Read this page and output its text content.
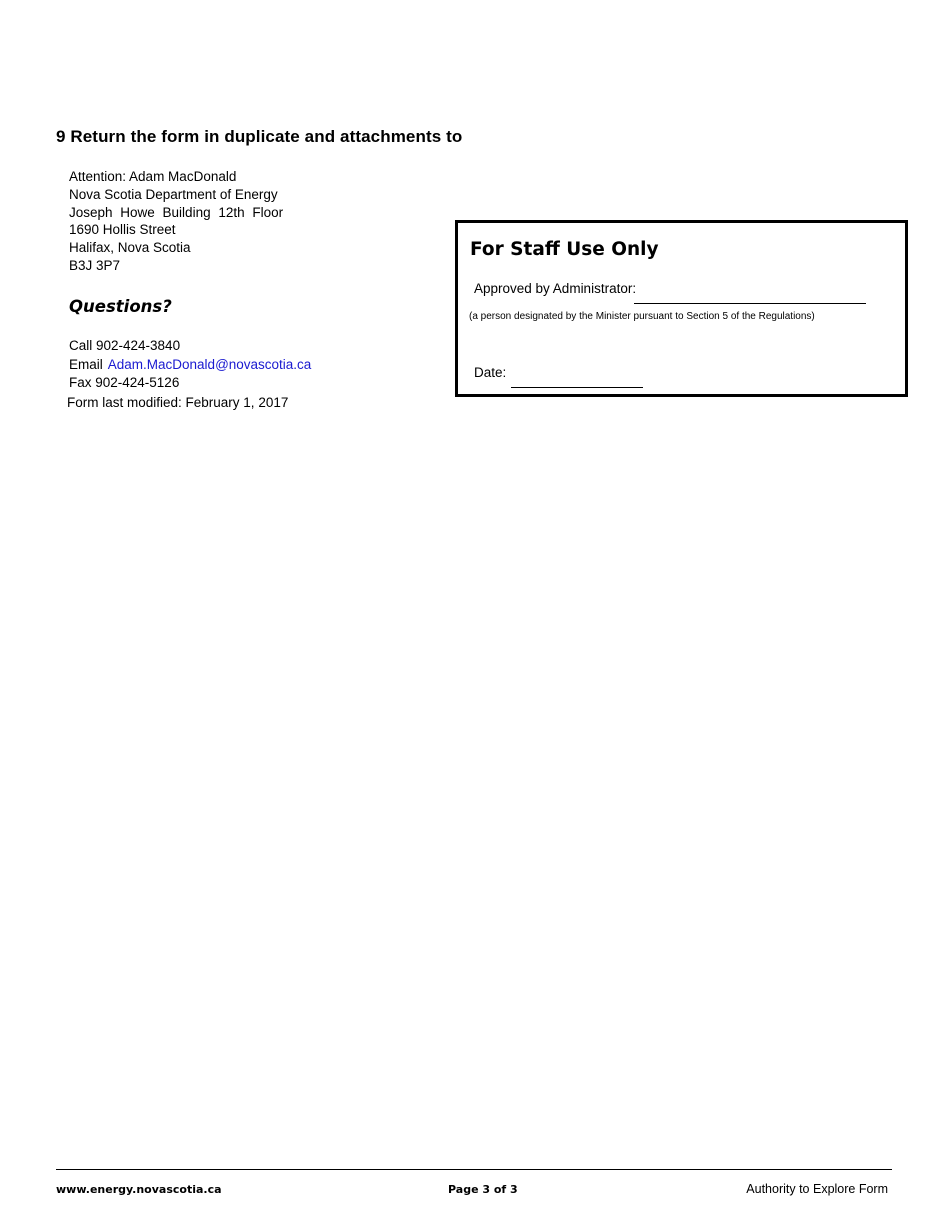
9 Return the form in duplicate and attachments to
Attention: Adam MacDonald
Nova Scotia Department of Energy
Joseph Howe Building 12th Floor
1690 Hollis Street
Halifax, Nova Scotia
B3J 3P7
Questions?
Call 902-424-3840
Email Adam.MacDonald@novascotia.ca
Fax 902-424-5126
Form last modified: February 1, 2017
For Staff Use Only
Approved by Administrator:
(a person designated by the Minister pursuant to Section 5 of the Regulations)
Date:
www.energy.novascotia.ca	Page 3 of 3	Authority to Explore Form
